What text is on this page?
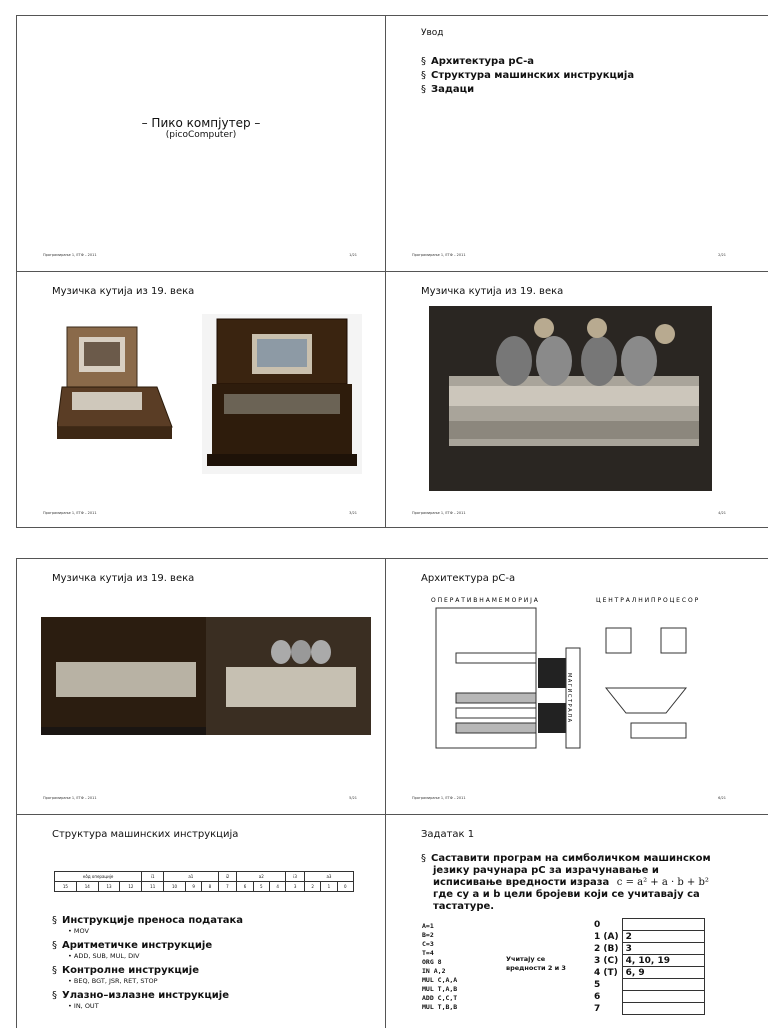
– Пико компјутер –
(picoComputer)
Програмирање 1, ЕТФ – 2011	1/21
Увод
§ Архитектура pC-a
§ Структура машинских инструкција
§ Задаци
Програмирање 1, ЕТФ – 2011	2/21
Музичка кутија из 19. века
Програмирање 1, ЕТФ – 2011	3/21
Музичка кутија из 19. века
Програмирање 1, ЕТФ – 2011	4/21
Музичка кутија из 19. века
Програмирање 1, ЕТФ – 2011	5/21
Архитектура pC-a
О П Е Р А Т И В Н А М Е М О Р И Ј А	Ц Е Н Т Р А Л Н И П Р О Ц Е С О Р
М А Г И С Т Р А Л А
Програмирање 1, ЕТФ – 2011	6/21
Структура машинских инструкција
кôд операције				i1	a1			i2	a2			i3	a3		
15	14	13	12	11	10	9	8	7	6	5	4	3	2	1	0
§ Инструкције преноса података
• MOV
§ Аритметичке инструкције
• ADD, SUB, MUL, DIV
§ Контролне инструкције
• BEQ, BGT, JSR, RET, STOP
§ Улазно–излазне инструкције
• IN, OUT
Задатак 1
§ Саставити програм на симболичком машинском
језику рачунара pC за израчунавање и
исписивање вредности израза c = a² + a · b + b²
где су a и b цели бројеви који се учитавају са
тастатуре.
A=1
B=2
C=3
T=4
ORG 8
IN A,2
MUL C,A,A
MUL T,A,B
ADD C,C,T
MUL T,B,B
Учитају се
вредности 2 и 3
0	
1 (A)	2
2 (B)	3
3 (C)	4, 10, 19
4 (T)	6, 9
5	
6	
7	
